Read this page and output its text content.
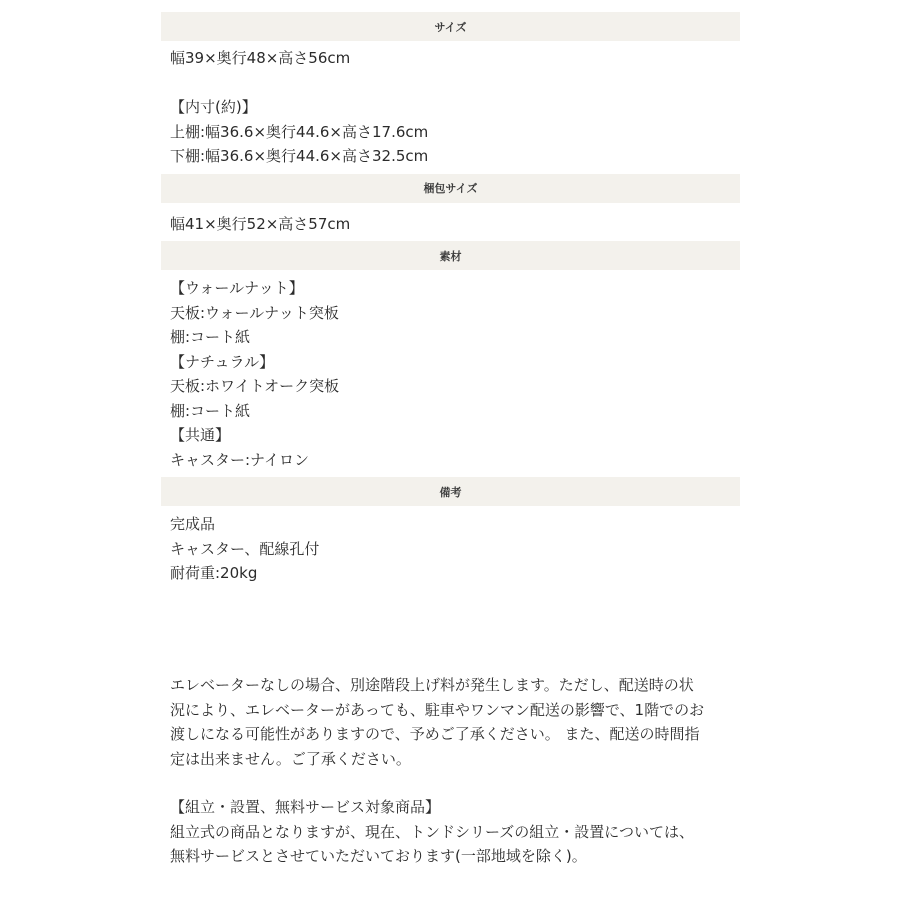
サイズ
幅39×奥行48×高さ56cm
【内寸(約)】
上棚:幅36.6×奥行44.6×高さ17.6cm
下棚:幅36.6×奥行44.6×高さ32.5cm
梱包サイズ
幅41×奥行52×高さ57cm
素材
【ウォールナット】
天板:ウォールナット突板
棚:コート紙
【ナチュラル】
天板:ホワイトオーク突板
棚:コート紙
【共通】
キャスター:ナイロン
備考
完成品
キャスター、配線孔付
耐荷重:20kg
エレベーターなしの場合、別途階段上げ料が発生します。ただし、配送時の状
況により、エレベーターがあっても、駐車やワンマン配送の影響で、1階でのお
渡しになる可能性がありますので、予めご了承ください。 また、配送の時間指
定は出来ません。ご了承ください。
【組立・設置、無料サービス対象商品】
組立式の商品となりますが、現在、トンドシリーズの組立・設置については、
無料サービスとさせていただいております(一部地域を除く)。
